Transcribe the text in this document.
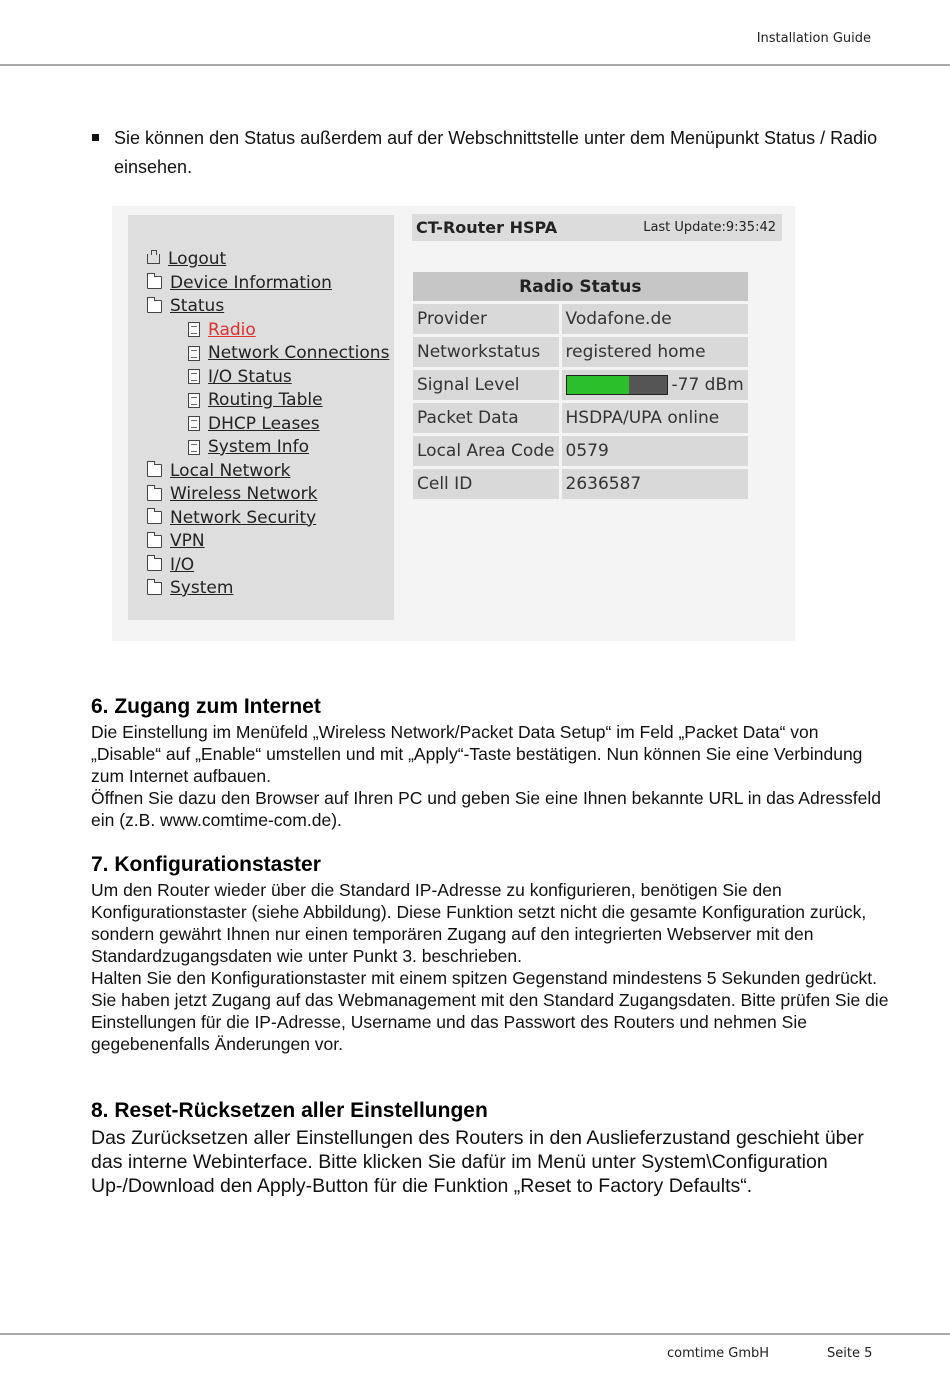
Installation Guide
Sie können den Status außerdem auf der Webschnittstelle unter dem Menüpunkt Status / Radio einsehen.
Logout
Device Information
Status
Radio
Network Connections
I/O Status
Routing Table
DHCP Leases
System Info
Local Network
Wireless Network
Network Security
VPN
I/O
System
CT-Router HSPA	Last Update:9:35:42
Radio Status	
Provider	Vodafone.de
Networkstatus	registered home
Signal Level	-77 dBm
Packet Data	HSDPA/UPA online
Local Area Code	0579
Cell ID	2636587
6. Zugang zum Internet

Die Einstellung im Menüfeld „Wireless Network/Packet Data Setup“ im Feld „Packet Data“ von „Disable“ auf „Enable“ umstellen und mit „Apply“-Taste bestätigen. Nun können Sie eine Verbindung zum Internet aufbauen.

Öffnen Sie dazu den Browser auf Ihren PC und geben Sie eine Ihnen bekannte URL in das Adressfeld ein (z.B. www.comtime-com.de).

7. Konfigurationstaster

Um den Router wieder über die Standard IP-Adresse zu konfigurieren, benötigen Sie den Konfigurationstaster (siehe Abbildung). Diese Funktion setzt nicht die gesamte Konfiguration zurück, sondern gewährt Ihnen nur einen temporären Zugang auf den integrierten Webserver mit den Standardzugangsdaten wie unter Punkt 3. beschrieben.

Halten Sie den Konfigurationstaster mit einem spitzen Gegenstand mindestens 5 Sekunden gedrückt.

Sie haben jetzt Zugang auf das Webmanagement mit den Standard Zugangsdaten. Bitte prüfen Sie die Einstellungen für die IP-Adresse, Username und das Passwort des Routers und nehmen Sie gegebenenfalls Änderungen vor.

8. Reset-Rücksetzen aller Einstellungen

Das Zurücksetzen aller Einstellungen des Routers in den Auslieferzustand geschieht über das interne Webinterface. Bitte klicken Sie dafür im Menü unter System\Configuration Up-/Download den Apply-Button für die Funktion „Reset to Factory Defaults“.

comtime GmbH	Seite 5
